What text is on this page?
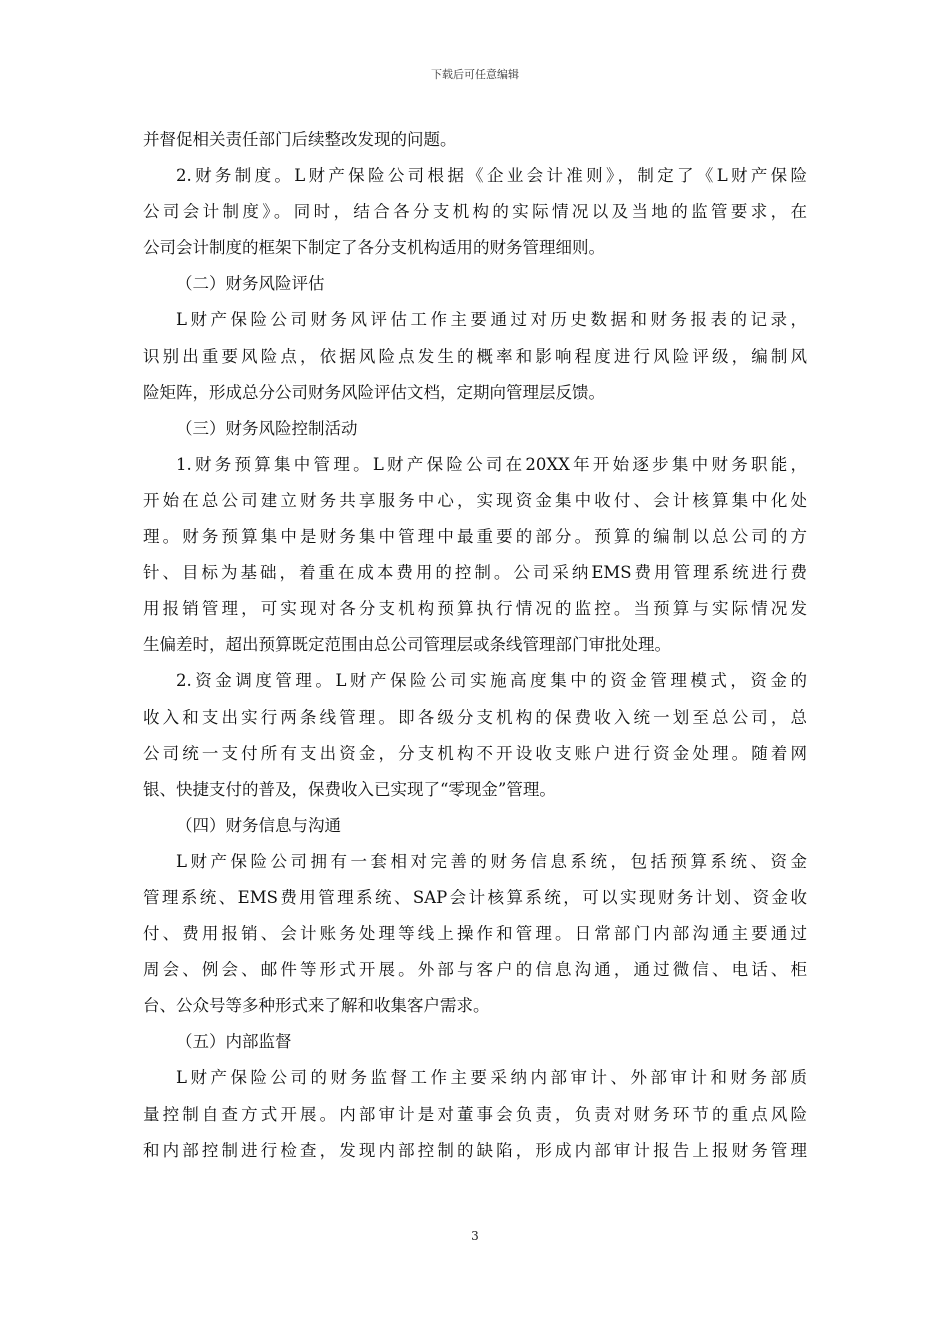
下载后可任意编辑
并督促相关责任部门后续整改发现的问题。
2.财务制度。L财产保险公司根据《企业会计准则》，制定了《L财产保险
公司会计制度》。同时，结合各分支机构的实际情况以及当地的监管要求，在
公司会计制度的框架下制定了各分支机构适用的财务管理细则。
（二）财务风险评估
L财产保险公司财务风评估工作主要通过对历史数据和财务报表的记录，
识别出重要风险点，依据风险点发生的概率和影响程度进行风险评级，编制风
险矩阵，形成总分公司财务风险评估文档，定期向管理层反馈。
（三）财务风险控制活动
1.财务预算集中管理。L财产保险公司在20XX年开始逐步集中财务职能，
开始在总公司建立财务共享服务中心，实现资金集中收付、会计核算集中化处
理。财务预算集中是财务集中管理中最重要的部分。预算的编制以总公司的方
针、目标为基础，着重在成本费用的控制。公司采纳EMS费用管理系统进行费
用报销管理，可实现对各分支机构预算执行情况的监控。当预算与实际情况发
生偏差时，超出预算既定范围由总公司管理层或条线管理部门审批处理。
2.资金调度管理。L财产保险公司实施高度集中的资金管理模式，资金的
收入和支出实行两条线管理。即各级分支机构的保费收入统一划至总公司，总
公司统一支付所有支出资金，分支机构不开设收支账户进行资金处理。随着网
银、快捷支付的普及，保费收入已实现了“零现金”管理。
（四）财务信息与沟通
L财产保险公司拥有一套相对完善的财务信息系统，包括预算系统、资金
管理系统、EMS费用管理系统、SAP会计核算系统，可以实现财务计划、资金收
付、费用报销、会计账务处理等线上操作和管理。日常部门内部沟通主要通过
周会、例会、邮件等形式开展。外部与客户的信息沟通，通过微信、电话、柜
台、公众号等多种形式来了解和收集客户需求。
（五）内部监督
L财产保险公司的财务监督工作主要采纳内部审计、外部审计和财务部质
量控制自查方式开展。内部审计是对董事会负责，负责对财务环节的重点风险
和内部控制进行检查，发现内部控制的缺陷，形成内部审计报告上报财务管理
3
